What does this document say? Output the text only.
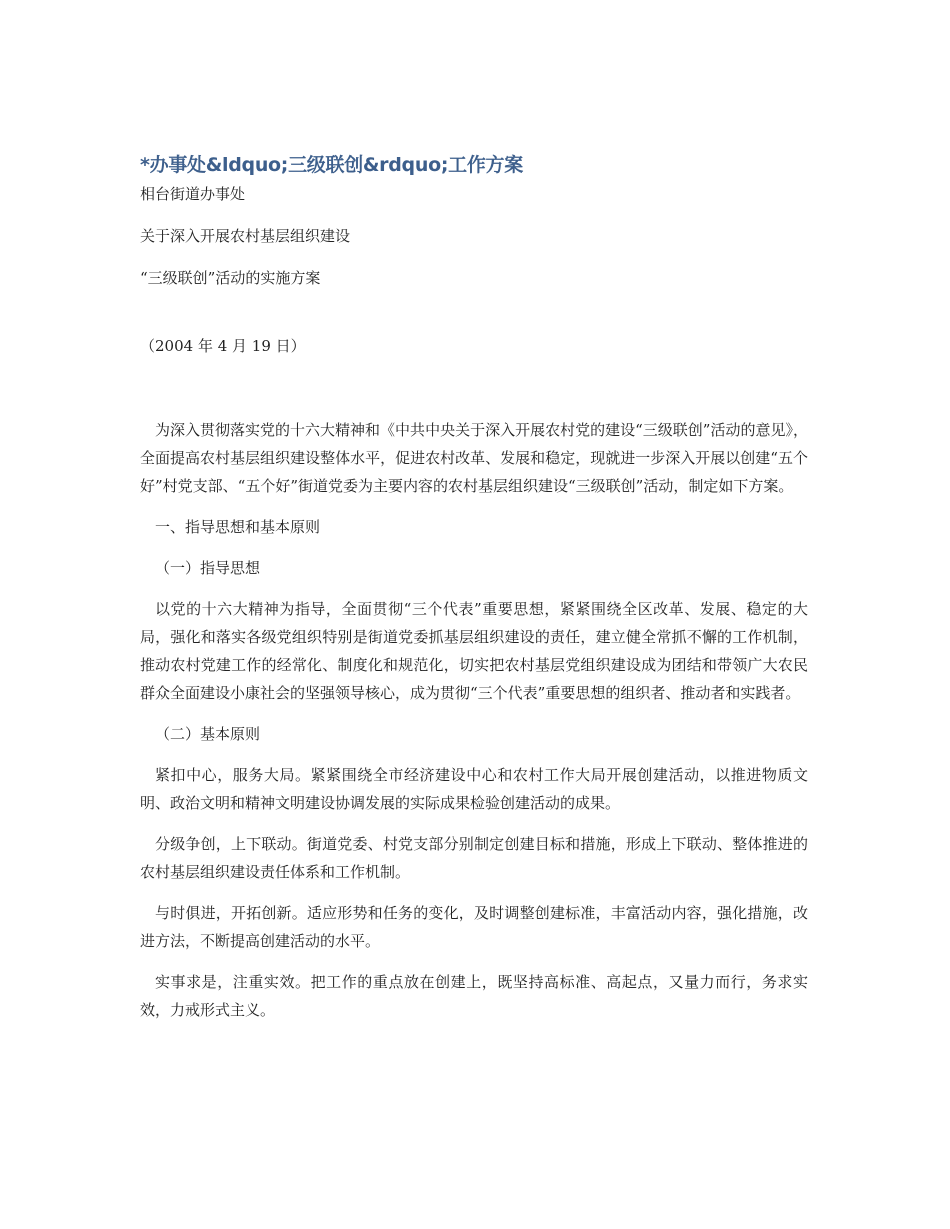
*办事处&ldquo;三级联创&rdquo;工作方案

相台街道办事处

关于深入开展农村基层组织建设

“三级联创”活动的实施方案

（2004 年 4 月 19 日）

为深入贯彻落实党的十六大精神和《中共中央关于深入开展农村党的建设“三级联创”活动的意见》，全面提高农村基层组织建设整体水平，促进农村改革、发展和稳定，现就进一步深入开展以创建“五个好”村党支部、“五个好”街道党委为主要内容的农村基层组织建设“三级联创”活动，制定如下方案。

一、指导思想和基本原则

（一）指导思想

以党的十六大精神为指导，全面贯彻“三个代表”重要思想，紧紧围绕全区改革、发展、稳定的大局，强化和落实各级党组织特别是街道党委抓基层组织建设的责任，建立健全常抓不懈的工作机制，推动农村党建工作的经常化、制度化和规范化，切实把农村基层党组织建设成为团结和带领广大农民群众全面建设小康社会的坚强领导核心，成为贯彻“三个代表”重要思想的组织者、推动者和实践者。

（二）基本原则

紧扣中心，服务大局。紧紧围绕全市经济建设中心和农村工作大局开展创建活动，以推进物质文明、政治文明和精神文明建设协调发展的实际成果检验创建活动的成果。

分级争创，上下联动。街道党委、村党支部分别制定创建目标和措施，形成上下联动、整体推进的农村基层组织建设责任体系和工作机制。

与时俱进，开拓创新。适应形势和任务的变化，及时调整创建标准，丰富活动内容，强化措施，改进方法，不断提高创建活动的水平。

实事求是，注重实效。把工作的重点放在创建上，既坚持高标准、高起点，又量力而行，务求实效，力戒形式主义。
